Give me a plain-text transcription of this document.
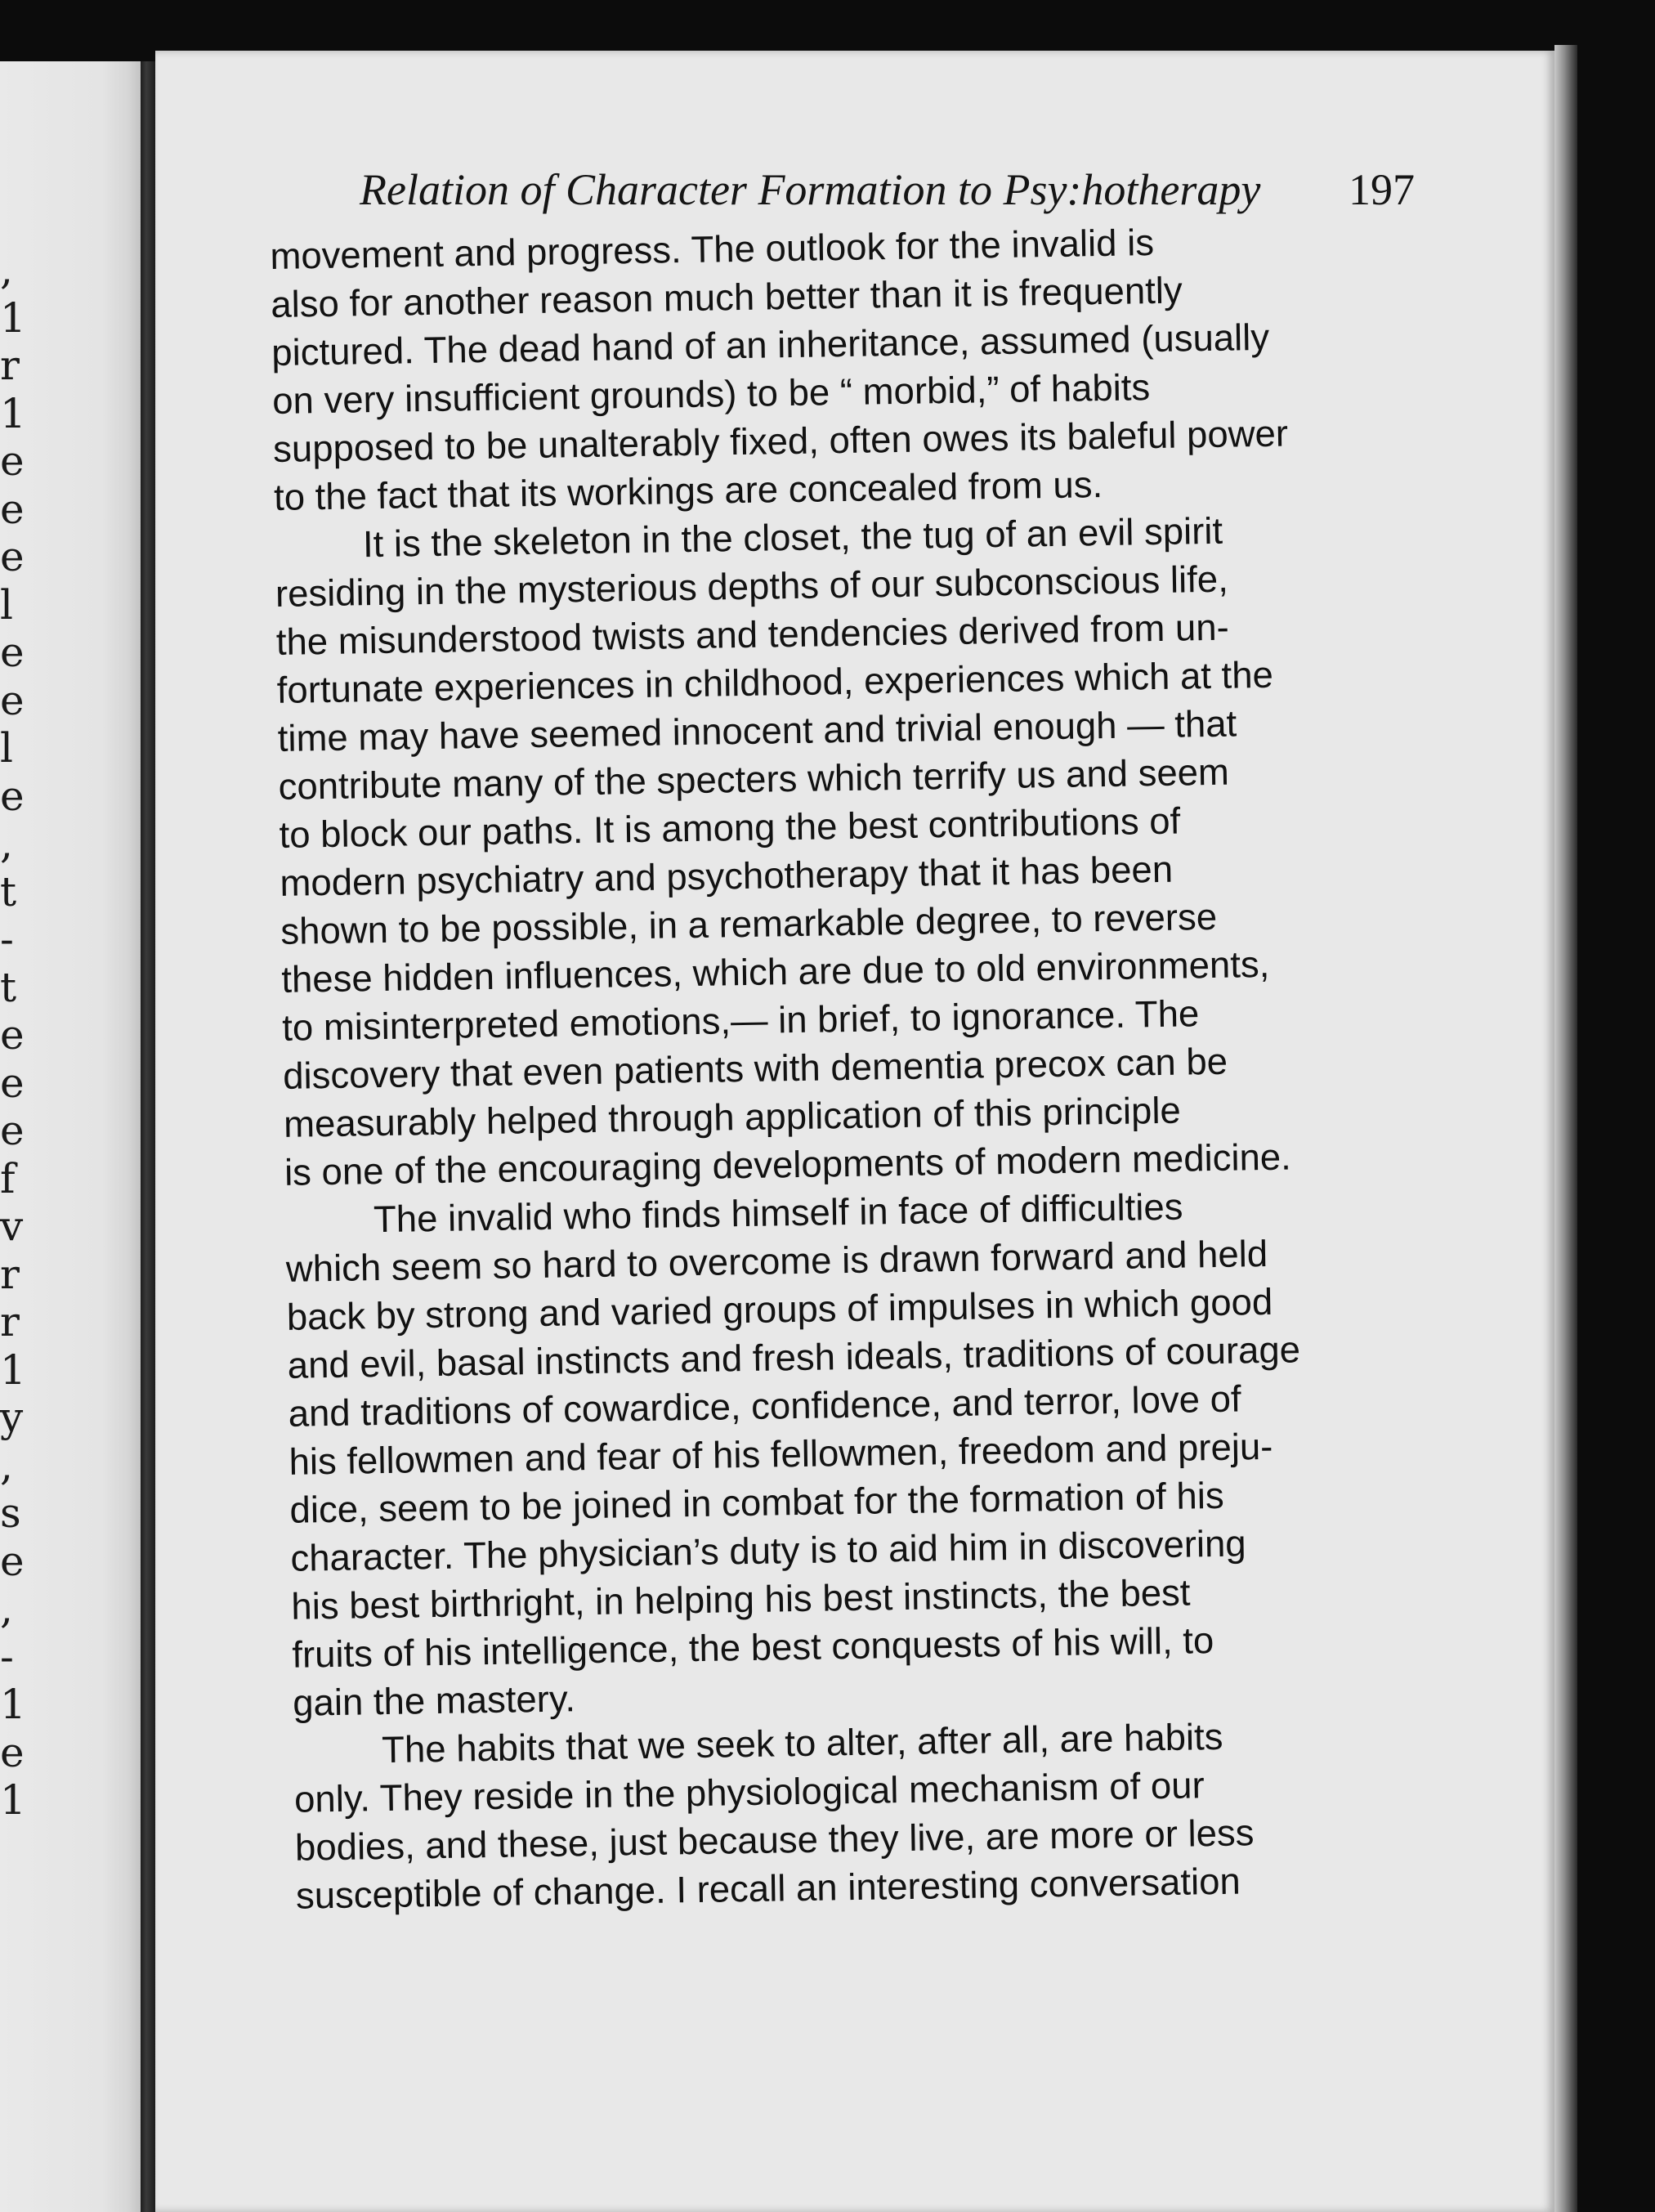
,
1
r
1
e
e
e
l
e
e
l
e
,
t
-
t
e
e
e
f
v
r
r
1
y
,
s
e
,
-
1
e
1
Relation of Character Formation to Psy:hotherapy 197
movement and progress. The outlook for the invalid is
also for another reason much better than it is frequently
pictured. The dead hand of an inheritance, assumed (usually
on very insufficient grounds) to be “ morbid,” of habits
supposed to be unalterably fixed, often owes its baleful power
to the fact that its workings are concealed from us.
It is the skeleton in the closet, the tug of an evil spirit
residing in the mysterious depths of our subconscious life,
the misunderstood twists and tendencies derived from un-
fortunate experiences in childhood, experiences which at the
time may have seemed innocent and trivial enough — that
contribute many of the specters which terrify us and seem
to block our paths. It is among the best contributions of
modern psychiatry and psychotherapy that it has been
shown to be possible, in a remarkable degree, to reverse
these hidden influences, which are due to old environments,
to misinterpreted emotions,— in brief, to ignorance. The
discovery that even patients with dementia precox can be
measurably helped through application of this principle
is one of the encouraging developments of modern medicine.
The invalid who finds himself in face of difficulties
which seem so hard to overcome is drawn forward and held
back by strong and varied groups of impulses in which good
and evil, basal instincts and fresh ideals, traditions of courage
and traditions of cowardice, confidence, and terror, love of
his fellowmen and fear of his fellowmen, freedom and preju-
dice, seem to be joined in combat for the formation of his
character. The physician’s duty is to aid him in discovering
his best birthright, in helping his best instincts, the best
fruits of his intelligence, the best conquests of his will, to
gain the mastery.
The habits that we seek to alter, after all, are habits
only. They reside in the physiological mechanism of our
bodies, and these, just because they live, are more or less
susceptible of change. I recall an interesting conversation
